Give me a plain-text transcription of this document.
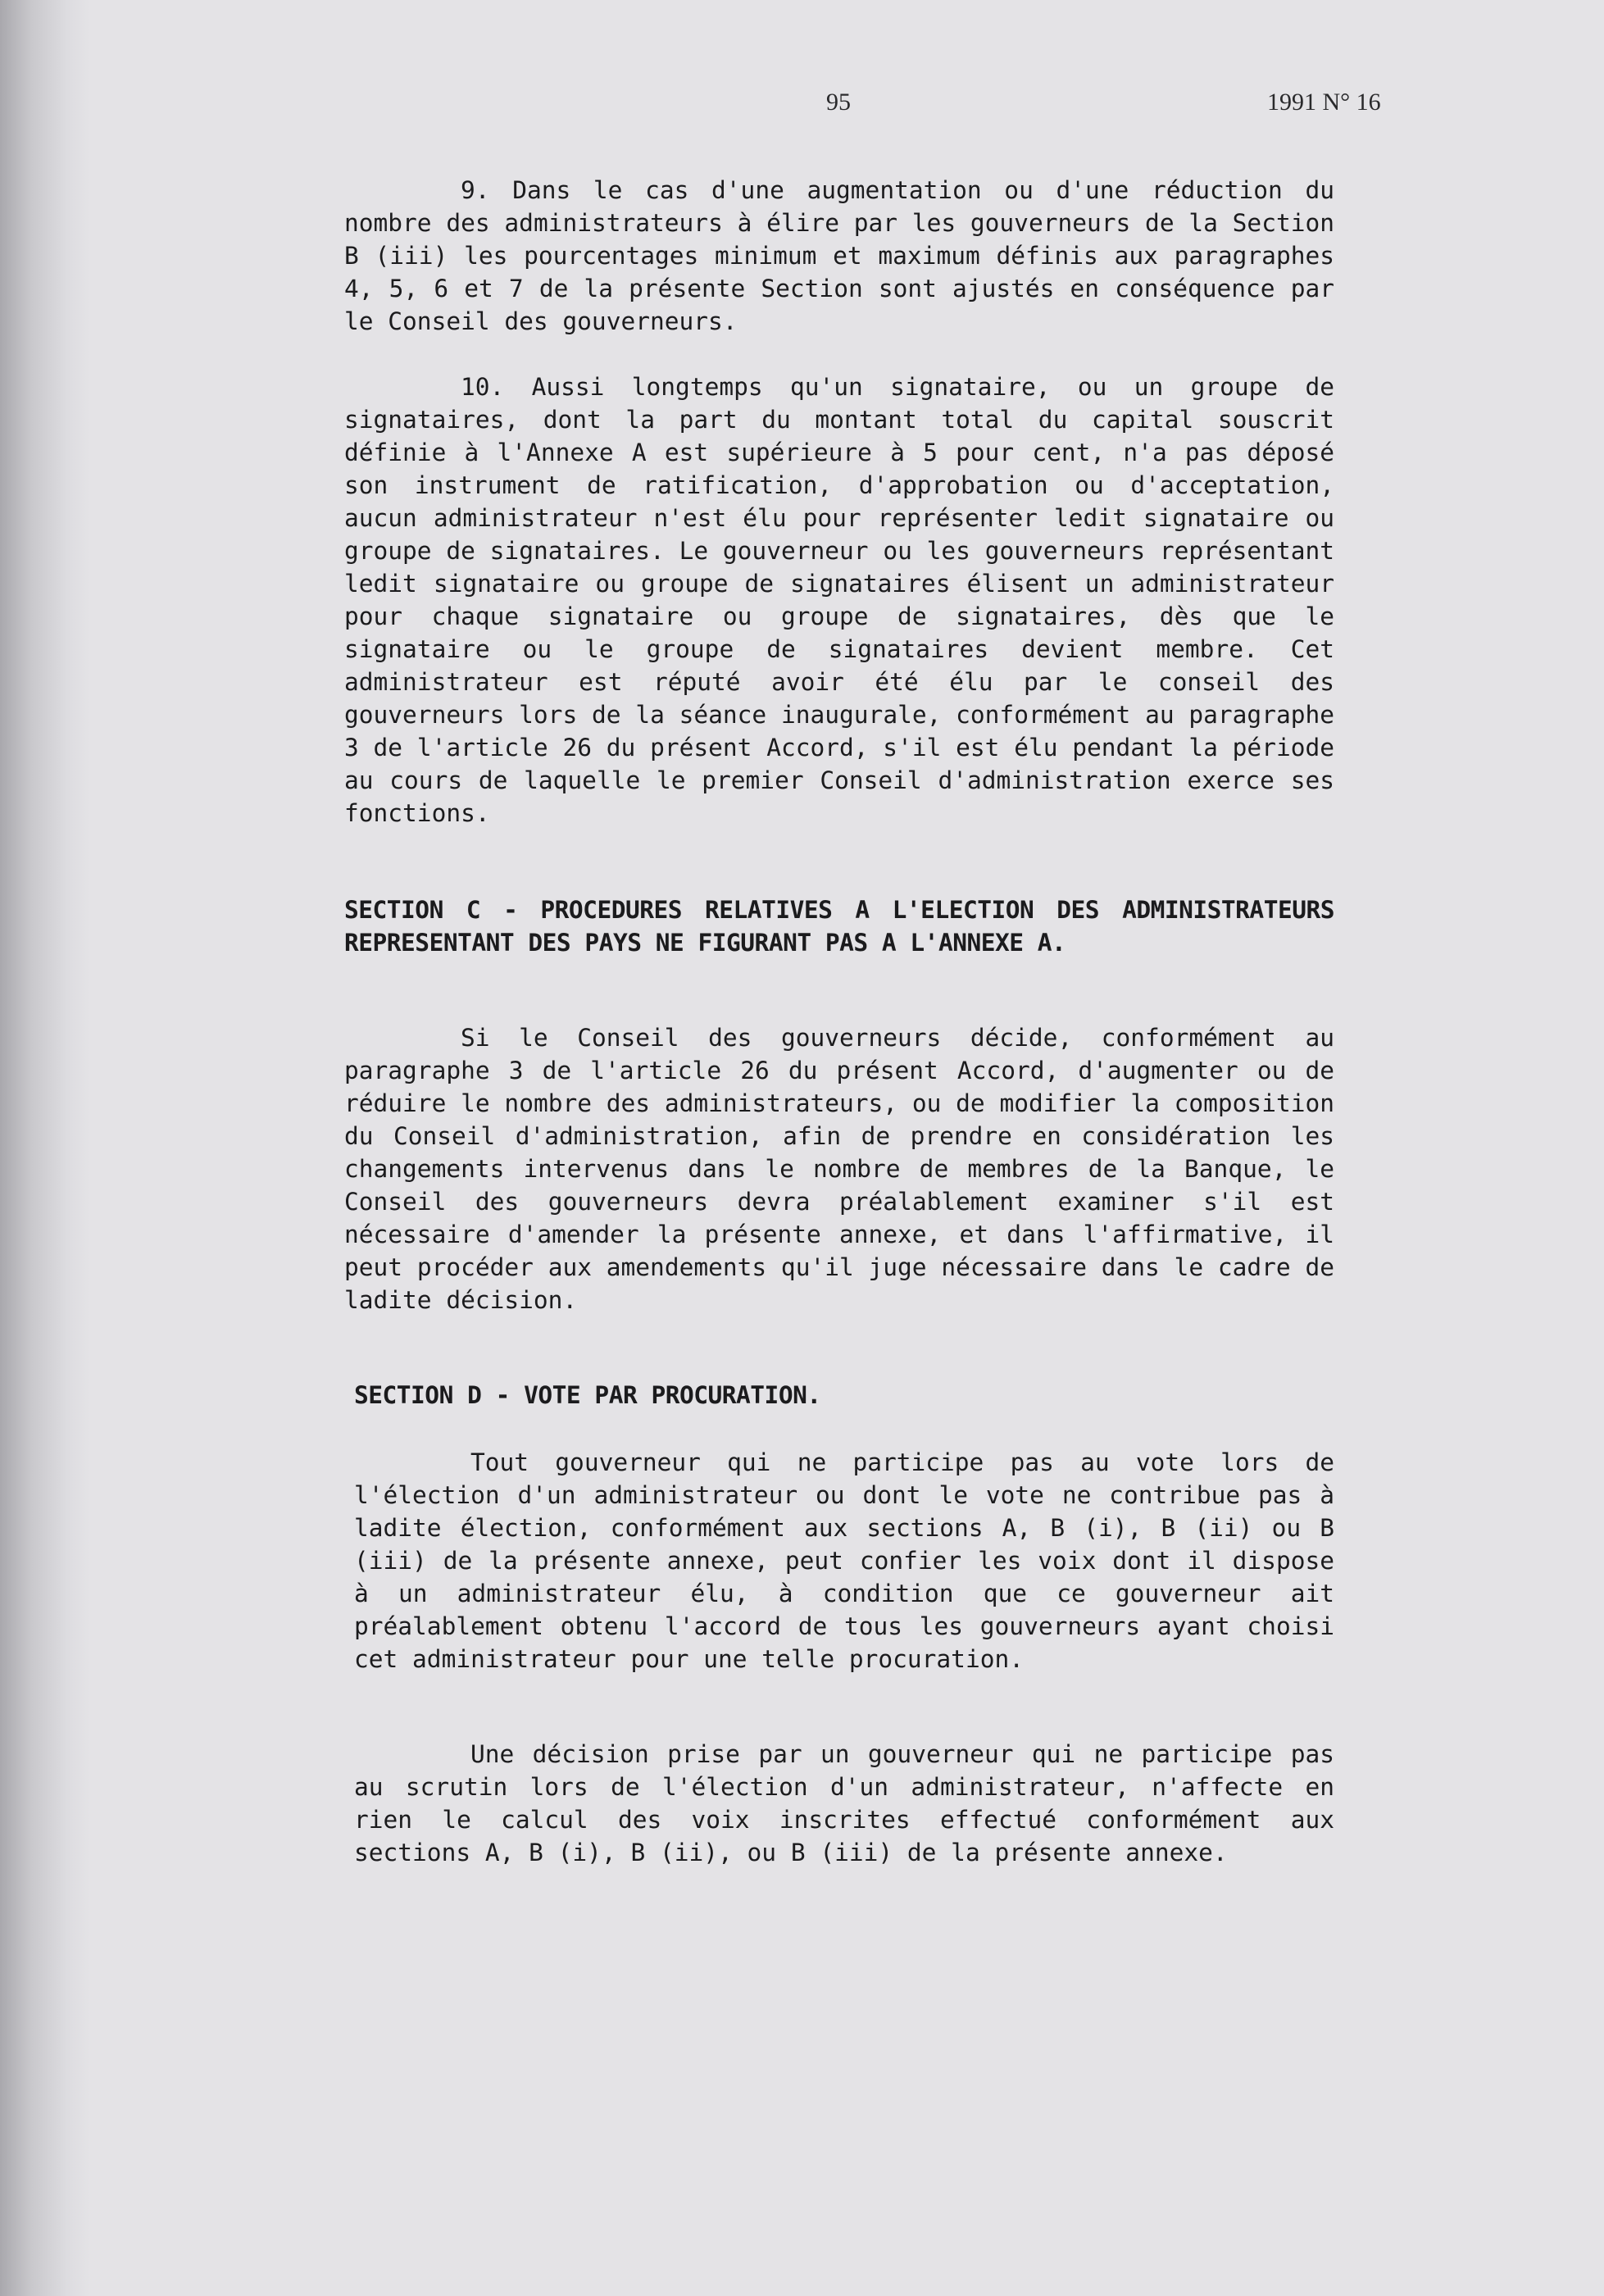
95	1991 N° 16

9. Dans le cas d'une augmentation ou d'une réduction du nombre des administrateurs à élire par les gouverneurs de la Section B (iii) les pourcentages minimum et maximum définis aux paragraphes 4, 5, 6 et 7 de la présente Section sont ajustés en conséquence par le Conseil des gouverneurs.

10. Aussi longtemps qu'un signataire, ou un groupe de signataires, dont la part du montant total du capital souscrit définie à l'Annexe A est supérieure à 5 pour cent, n'a pas déposé son instrument de ratification, d'approbation ou d'acceptation, aucun administrateur n'est élu pour représenter ledit signataire ou groupe de signataires. Le gouverneur ou les gouverneurs représentant ledit signataire ou groupe de signataires élisent un administrateur pour chaque signataire ou groupe de signataires, dès que le signataire ou le groupe de signataires devient membre. Cet administrateur est réputé avoir été élu par le conseil des gouverneurs lors de la séance inaugurale, conformément au paragraphe 3 de l'article 26 du présent Accord, s'il est élu pendant la période au cours de laquelle le premier Conseil d'administration exerce ses fonctions.

SECTION C - PROCEDURES RELATIVES A L'ELECTION DES ADMINISTRATEURS REPRESENTANT DES PAYS NE FIGURANT PAS A L'ANNEXE A.

Si le Conseil des gouverneurs décide, conformément au paragraphe 3 de l'article 26 du présent Accord, d'augmenter ou de réduire le nombre des administrateurs, ou de modifier la composition du Conseil d'administration, afin de prendre en considération les changements intervenus dans le nombre de membres de la Banque, le Conseil des gouverneurs devra préalablement examiner s'il est nécessaire d'amender la présente annexe, et dans l'affirmative, il peut procéder aux amendements qu'il juge nécessaire dans le cadre de ladite décision.

SECTION D - VOTE PAR PROCURATION.

Tout gouverneur qui ne participe pas au vote lors de l'élection d'un administrateur ou dont le vote ne contribue pas à ladite élection, conformément aux sections A, B (i), B (ii) ou B (iii) de la présente annexe, peut confier les voix dont il dispose à un administrateur élu, à condition que ce gouverneur ait préalablement obtenu l'accord de tous les gouverneurs ayant choisi cet administrateur pour une telle procuration.

Une décision prise par un gouverneur qui ne participe pas au scrutin lors de l'élection d'un administrateur, n'affecte en rien le calcul des voix inscrites effectué conformément aux sections A, B (i), B (ii), ou B (iii) de la présente annexe.
